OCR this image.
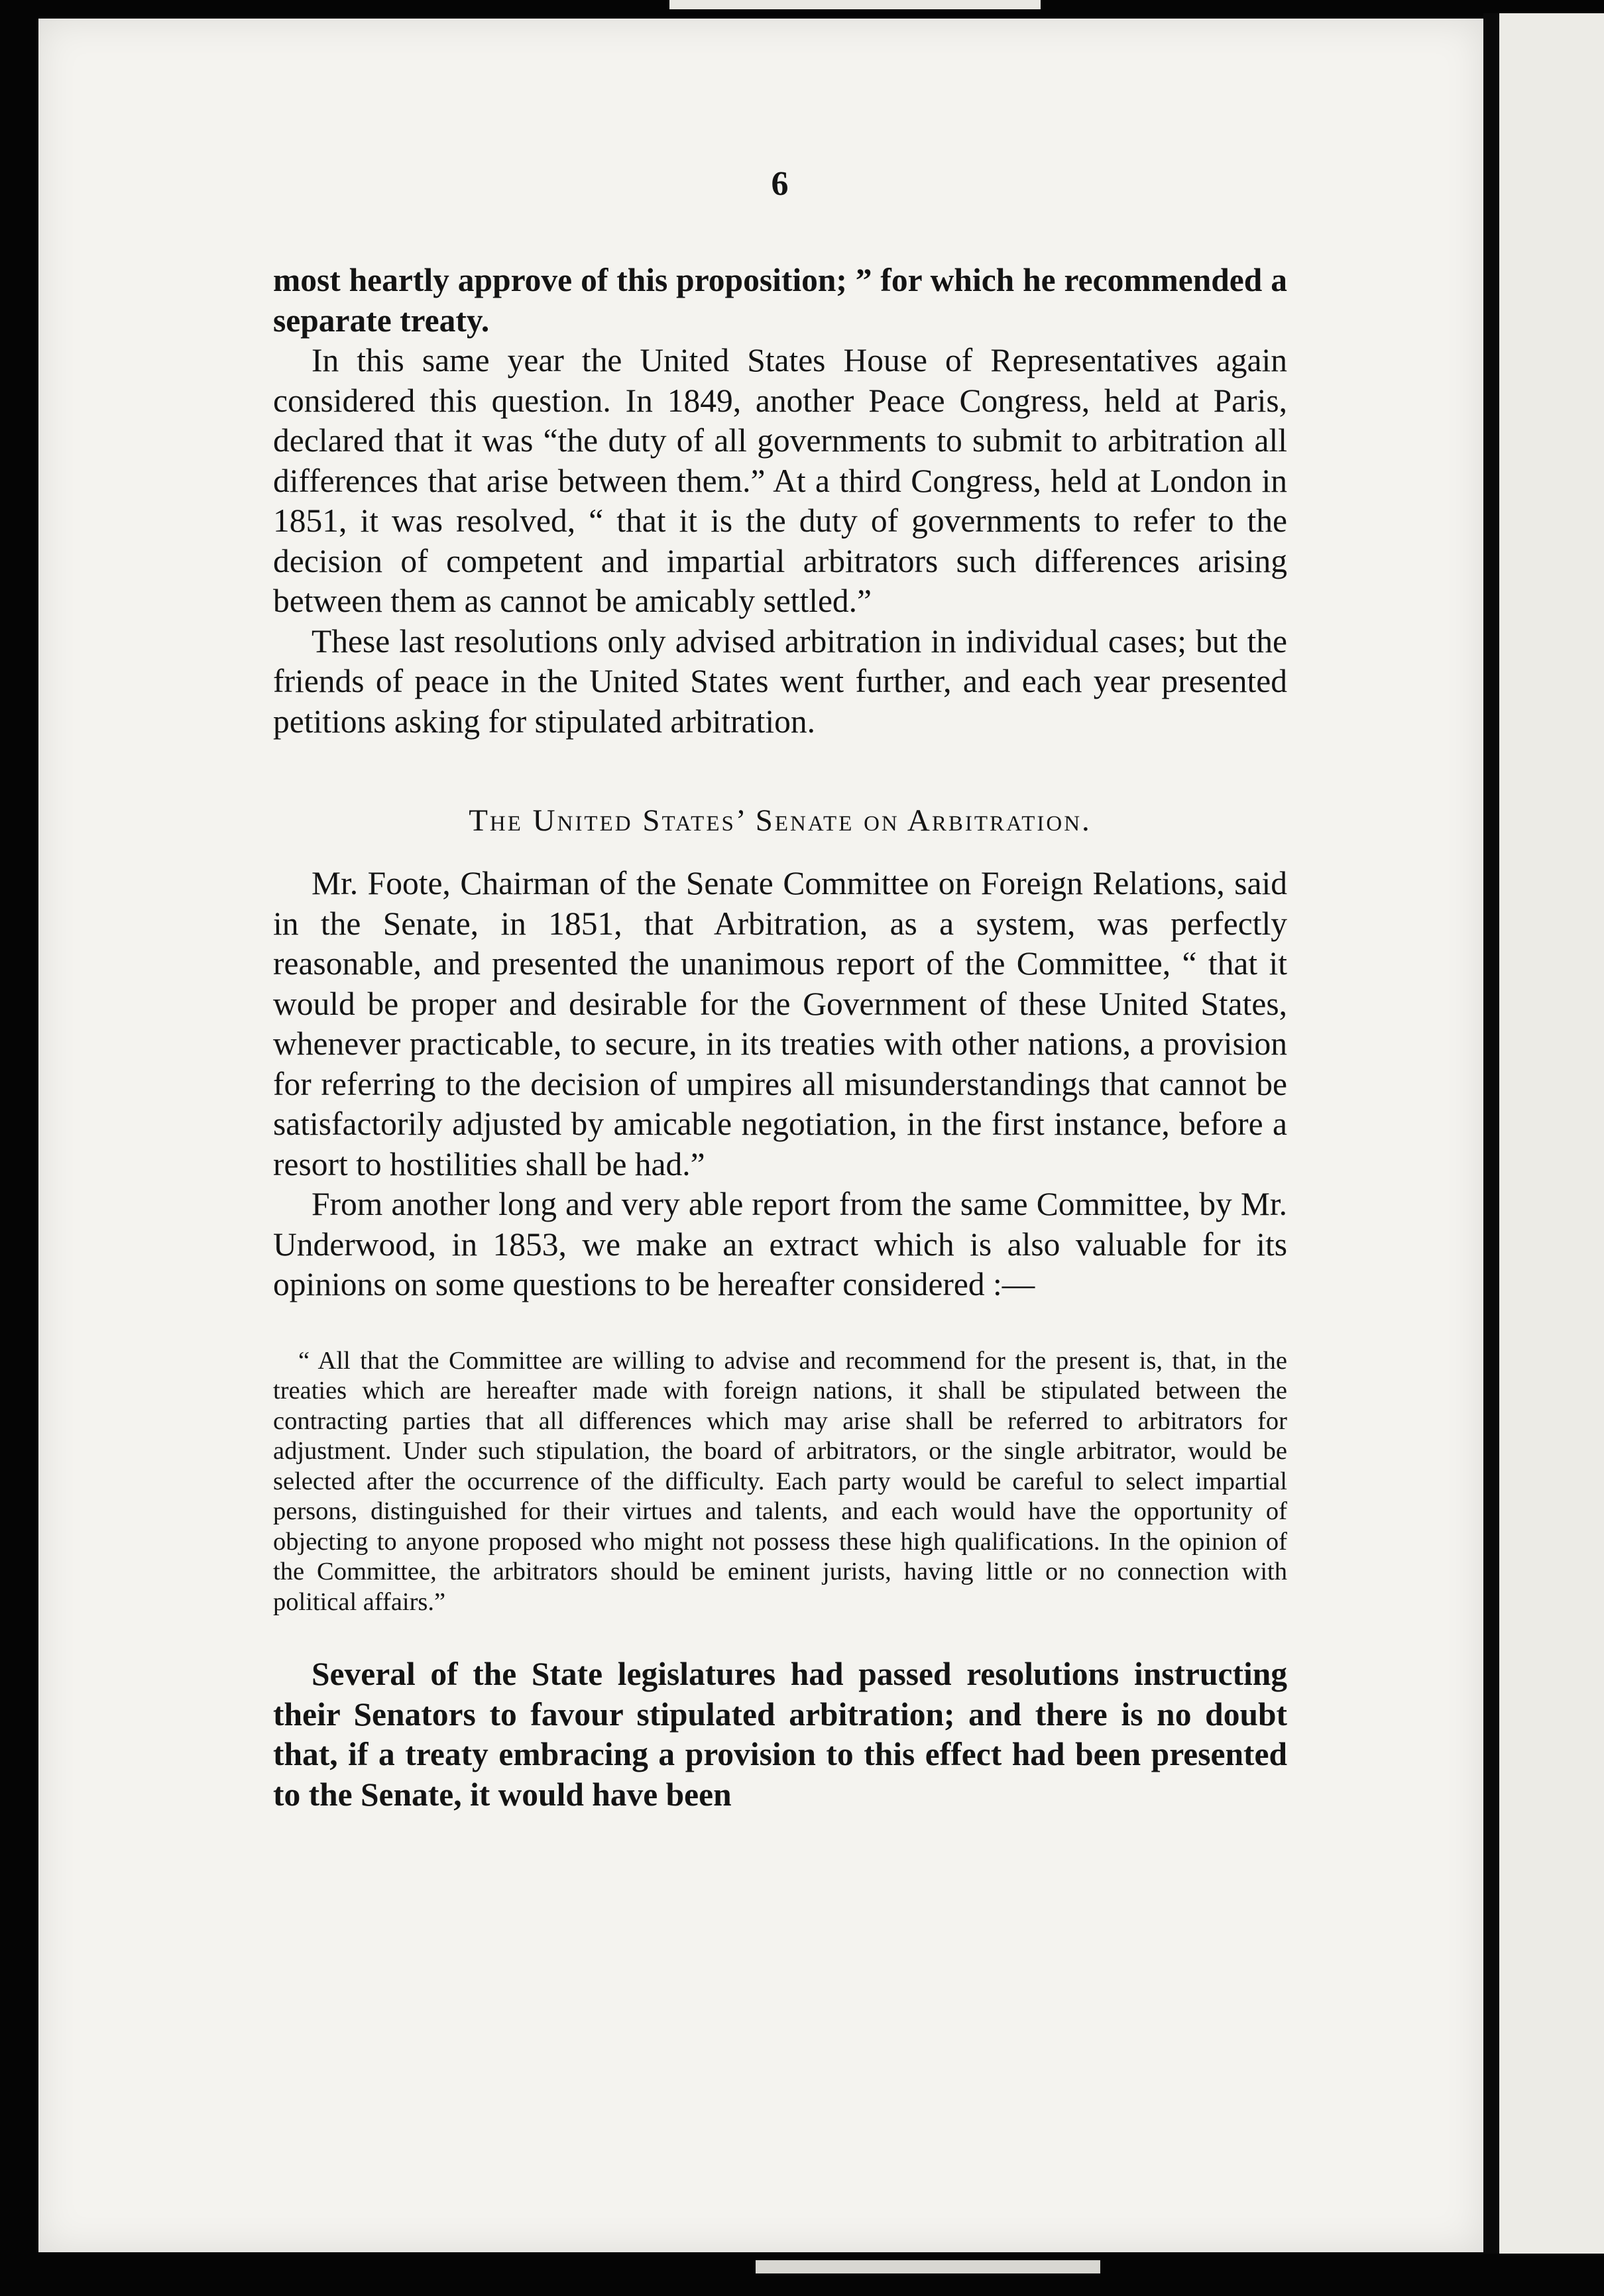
6

most heartly approve of this proposition; ” for which he recommended a separate treaty.

In this same year the United States House of Representatives again considered this question. In 1849, another Peace Congress, held at Paris, declared that it was “the duty of all governments to submit to arbitration all differences that arise between them.” At a third Congress, held at London in 1851, it was resolved, “ that it is the duty of governments to refer to the decision of competent and impartial arbitrators such differences arising between them as cannot be amicably settled.”

These last resolutions only advised arbitration in individual cases; but the friends of peace in the United States went further, and each year presented petitions asking for stipulated arbitration.

The United States’ Senate on Arbitration.

Mr. Foote, Chairman of the Senate Committee on Foreign Relations, said in the Senate, in 1851, that Arbitration, as a system, was perfectly reasonable, and presented the unanimous report of the Committee, “ that it would be proper and desirable for the Government of these United States, whenever practicable, to secure, in its treaties with other nations, a provision for referring to the decision of umpires all misunderstandings that cannot be satisfactorily adjusted by amicable negotiation, in the first instance, before a resort to hostilities shall be had.”

From another long and very able report from the same Committee, by Mr. Underwood, in 1853, we make an extract which is also valuable for its opinions on some questions to be hereafter considered :—

“ All that the Committee are willing to advise and recommend for the present is, that, in the treaties which are hereafter made with foreign nations, it shall be stipulated between the contracting parties that all differences which may arise shall be referred to arbitrators for adjustment. Under such stipulation, the board of arbitrators, or the single arbitrator, would be selected after the occurrence of the difficulty. Each party would be careful to select impartial persons, distinguished for their virtues and talents, and each would have the opportunity of objecting to anyone proposed who might not possess these high qualifications. In the opinion of the Committee, the arbitrators should be eminent jurists, having little or no connection with political affairs.”

Several of the State legislatures had passed resolutions instructing their Senators to favour stipulated arbitration; and there is no doubt that, if a treaty embracing a provision to this effect had been presented to the Senate, it would have been
